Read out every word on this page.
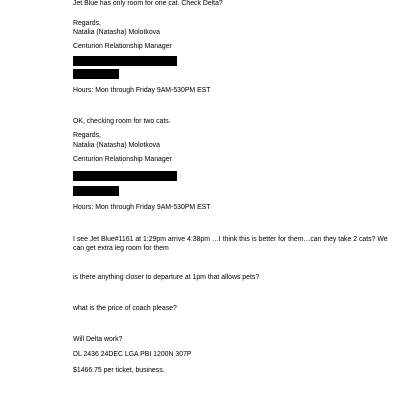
Jet Blue has only room for one cat. Check Delta?
Regards,
Natalia (Natasha) Molotkova
Centurion Relationship Manager
Hours: Mon through Friday 9AM-530PM EST
OK, checking room for two cats.
Regards,
Natalia (Natasha) Molotkova
Centurion Relationship Manager
Hours: Mon through Friday 9AM-530PM EST
I see Jet Blue#1161 at 1:29pm arrive 4:38pm …I think this is better for them…can they take 2 cats? We can get extra leg room for them
is there anything closer to departure at 1pm that allows pets?
what is the price of coach please?
Will Delta work?
DL 2436 24DEC LGA PBI 1200N 307P
$1466.75 per ticket, business.
